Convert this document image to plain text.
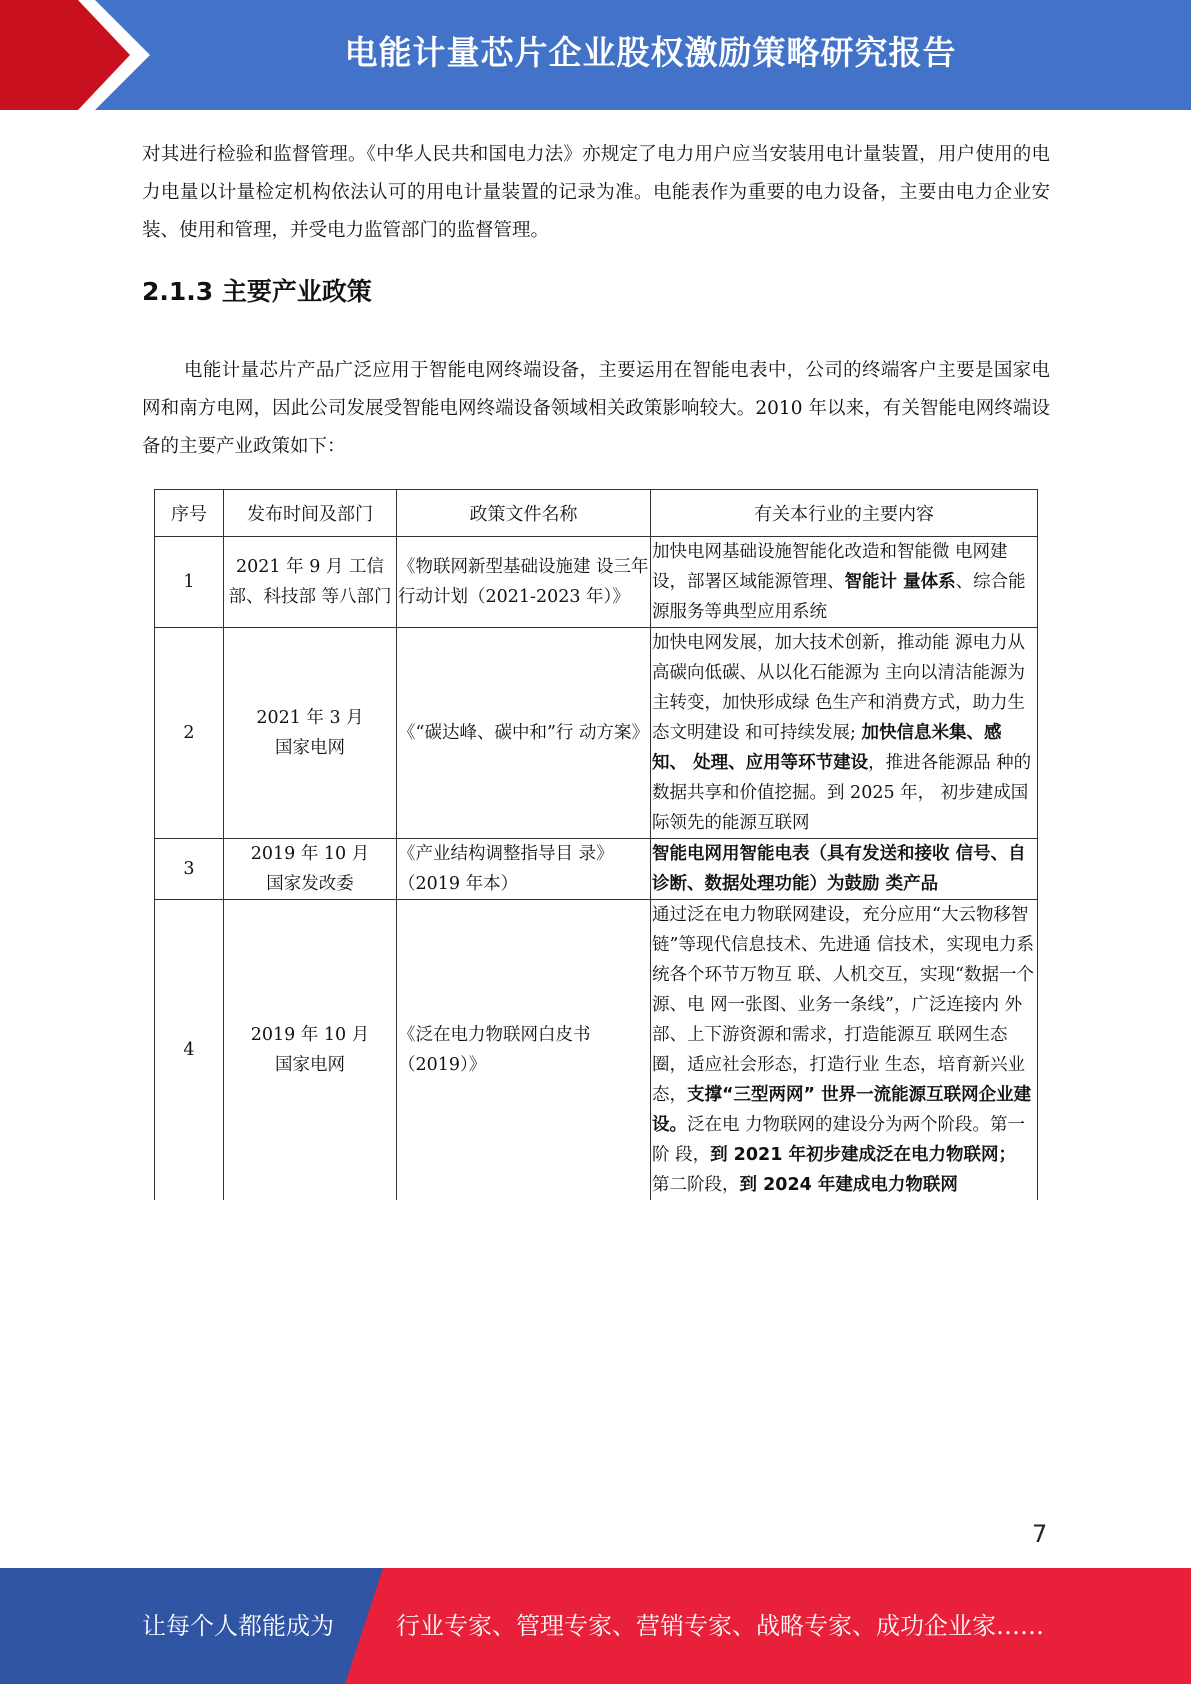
电能计量芯片企业股权激励策略研究报告

对其进行检验和监督管理。《中华人民共和国电力法》亦规定了电力用户应当安装用电计量装置，用户使用的电力电量以计量检定机构依法认可的用电计量装置的记录为准。电能表作为重要的电力设备，主要由电力企业安装、使用和管理，并受电力监管部门的监督管理。

2.1.3 主要产业政策

电能计量芯片产品广泛应用于智能电网终端设备，主要运用在智能电表中，公司的终端客户主要是国家电网和南方电网，因此公司发展受智能电网终端设备领域相关政策影响较大。2010 年以来，有关智能电网终端设备的主要产业政策如下：

序号	发布时间及部门	政策文件名称	有关本行业的主要内容
1	2021 年 9 月 工信部、科技部 等八部门	《物联网新型基础设施建 设三年行动计划（2021-2023 年）》	加快电网基础设施智能化改造和智能微 电网建设，部署区域能源管理、智能计 量体系、综合能源服务等典型应用系统
2	2021 年 3 月
国家电网	《“碳达峰、碳中和”行 动方案》	加快电网发展，加大技术创新，推动能 源电力从高碳向低碳、从以化石能源为 主向以清洁能源为主转变，加快形成绿 色生产和消费方式，助力生态文明建设 和可持续发展; 加快信息米集、感知、 处理、应用等环节建设，推进各能源品 种的数据共享和价值挖掘。到 2025 年， 初步建成国际领先的能源互联网
3	2019 年 10 月
国家发改委	《产业结构调整指导目 录》（2019 年本）	智能电网用智能电表（具有发送和接收 信号、自诊断、数据处理功能）为鼓励 类产品
4	2019 年 10 月
国家电网	《泛在电力物联网白皮书（2019）》	通过泛在电力物联网建设，充分应用“大云物移智链”等现代信息技术、先进通 信技术，实现电力系统各个环节万物互 联、人机交互，实现“数据一个源、电 网一张图、业务一条线”，广泛连接内 外部、上下游资源和需求，打造能源互 联网生态圈，适应社会形态，打造行业 生态，培育新兴业态，支撑“三型两网” 世界一流能源互联网企业建设。泛在电 力物联网的建设分为两个阶段。第一阶 段，到 2021 年初步建成泛在电力物联网； 第二阶段，到 2024 年建成电力物联网
7
让每个人都能成为	行业专家、管理专家、营销专家、战略专家、成功企业家……
